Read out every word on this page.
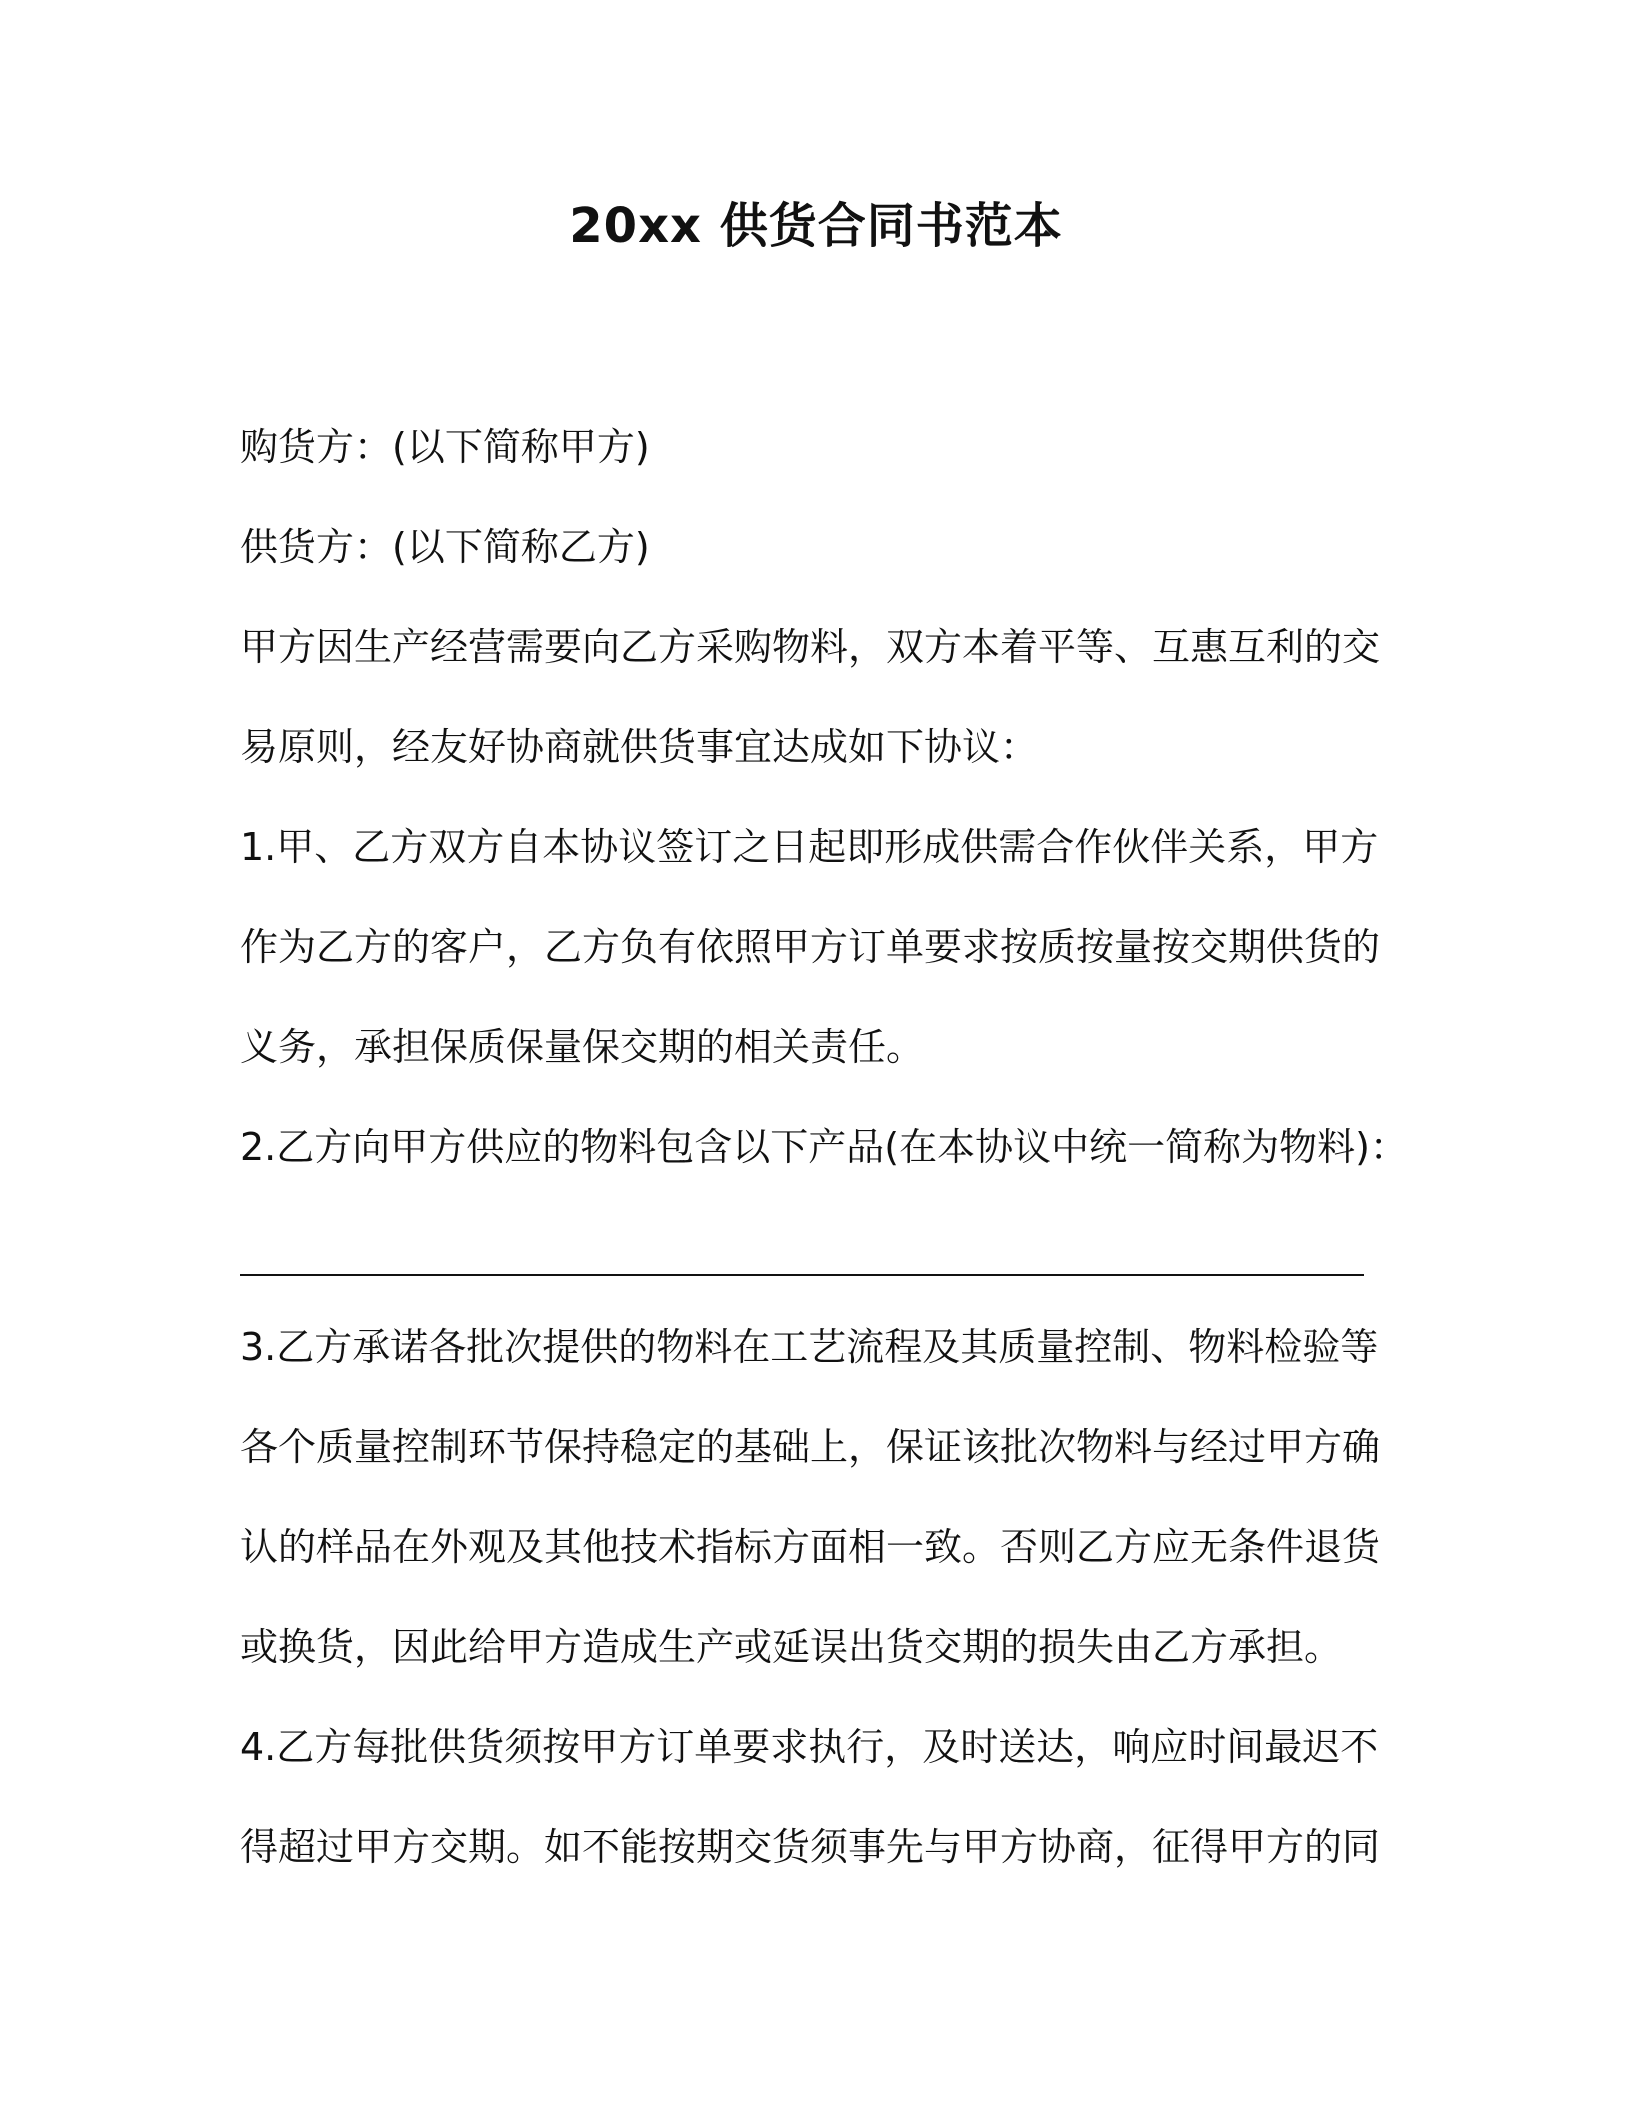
20xx 供货合同书范本
购货方：(以下简称甲方)
供货方：(以下简称乙方)
甲方因生产经营需要向乙方采购物料，双方本着平等、互惠互利的交
易原则，经友好协商就供货事宜达成如下协议：
1.甲、乙方双方自本协议签订之日起即形成供需合作伙伴关系，甲方
作为乙方的客户，乙方负有依照甲方订单要求按质按量按交期供货的
义务，承担保质保量保交期的相关责任。
2.乙方向甲方供应的物料包含以下产品(在本协议中统一简称为物料)：
3.乙方承诺各批次提供的物料在工艺流程及其质量控制、物料检验等
各个质量控制环节保持稳定的基础上，保证该批次物料与经过甲方确
认的样品在外观及其他技术指标方面相一致。否则乙方应无条件退货
或换货，因此给甲方造成生产或延误出货交期的损失由乙方承担。
4.乙方每批供货须按甲方订单要求执行，及时送达，响应时间最迟不
得超过甲方交期。如不能按期交货须事先与甲方协商，征得甲方的同
